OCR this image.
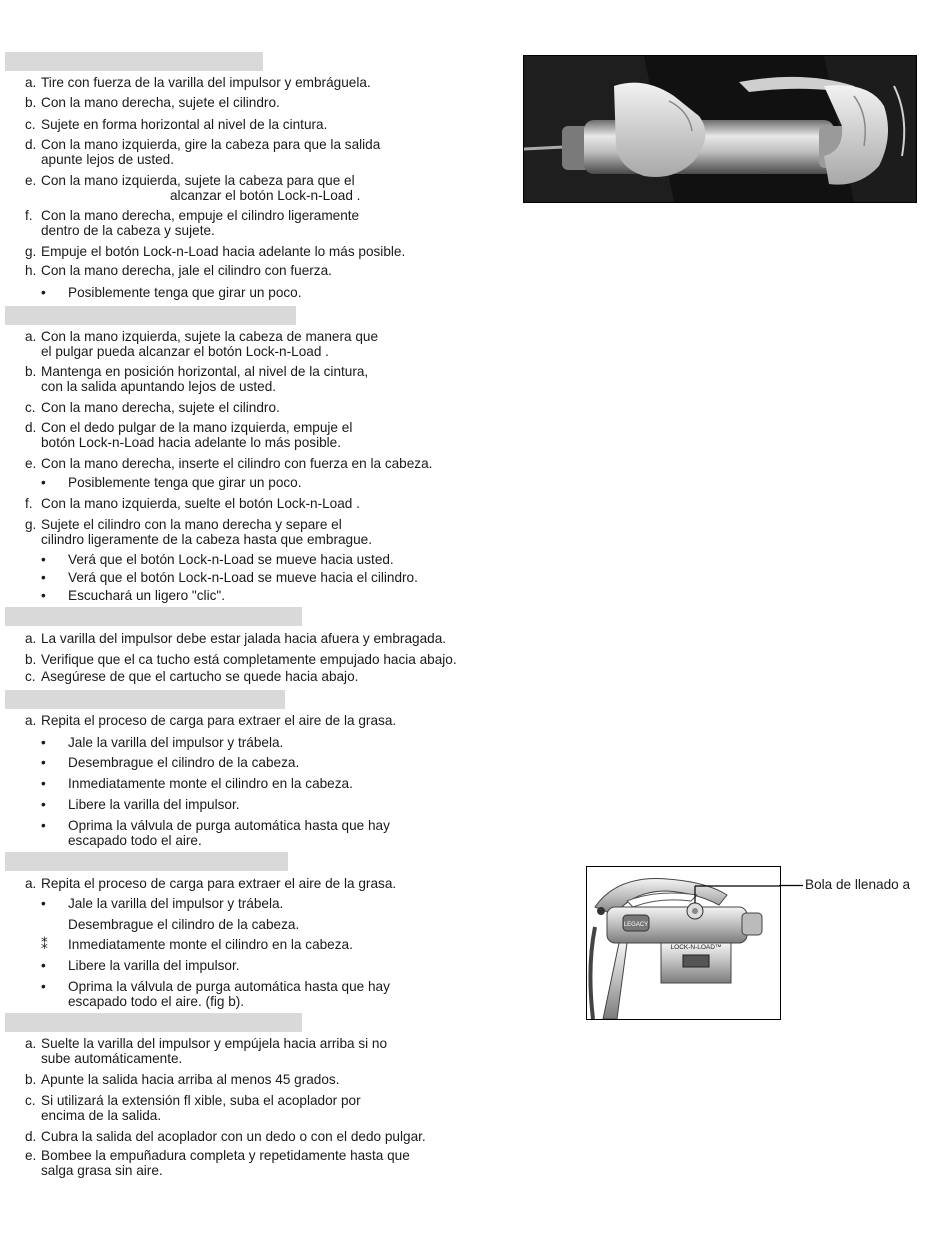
a. Tire con fuerza de la varilla del impulsor y embráguela.
b. Con la mano derecha, sujete el cilindro.
c. Sujete en forma horizontal al nivel de la cintura.
d. Con la mano izquierda, gire la cabeza para que la salida
apunte lejos de usted.
e. Con la mano izquierda, sujete la cabeza para que el
alcanzar el botón Lock-n-Load .
f. Con la mano derecha, empuje el cilindro ligeramente
dentro de la cabeza y sujete.
g. Empuje el botón Lock-n-Load hacia adelante lo más posible.
h. Con la mano derecha, jale el cilindro con fuerza.
• Posiblemente tenga que girar un poco.
a. Con la mano izquierda, sujete la cabeza de manera que
el pulgar pueda alcanzar el botón Lock-n-Load .
b. Mantenga en posición horizontal, al nivel de la cintura,
con la salida apuntando lejos de usted.
c. Con la mano derecha, sujete el cilindro.
d. Con el dedo pulgar de la mano izquierda, empuje el
botón Lock-n-Load hacia adelante lo más posible.
e. Con la mano derecha, inserte el cilindro con fuerza en la cabeza.
• Posiblemente tenga que girar un poco.
f. Con la mano izquierda, suelte el botón Lock-n-Load .
g. Sujete el cilindro con la mano derecha y separe el
cilindro ligeramente de la cabeza hasta que embrague.
• Verá que el botón Lock-n-Load se mueve hacia usted.
• Verá que el botón Lock-n-Load se mueve hacia el cilindro.
• Escuchará un ligero "clic".
a. La varilla del impulsor debe estar jalada hacia afuera y embragada.
b. Verifique que el ca tucho está completamente empujado hacia abajo.
c. Asegúrese de que el cartucho se quede hacia abajo.
a. Repita el proceso de carga para extraer el aire de la grasa.
• Jale la varilla del impulsor y trábela.
• Desembrague el cilindro de la cabeza.
• Inmediatamente monte el cilindro en la cabeza.
• Libere la varilla del impulsor.
• Oprima la válvula de purga automática hasta que hay
escapado todo el aire.
a. Repita el proceso de carga para extraer el aire de la grasa.
• Jale la varilla del impulsor y trábela.
Desembrague el cilindro de la cabeza.
⁑ Inmediatamente monte el cilindro en la cabeza.
• Libere la varilla del impulsor.
• Oprima la válvula de purga automática hasta que hay
escapado todo el aire. (fig b).
a. Suelte la varilla del impulsor y empújela hacia arriba si no
sube automáticamente.
b. Apunte la salida hacia arriba al menos 45 grados.
c. Si utilizará la extensión fl xible, suba el acoplador por
encima de la salida.
d. Cubra la salida del acoplador con un dedo o con el dedo pulgar.
e. Bombee la empuñadura completa y repetidamente hasta que
salga grasa sin aire.
LEGACY
LOCK-N-LOAD™
Bola de llenado a
